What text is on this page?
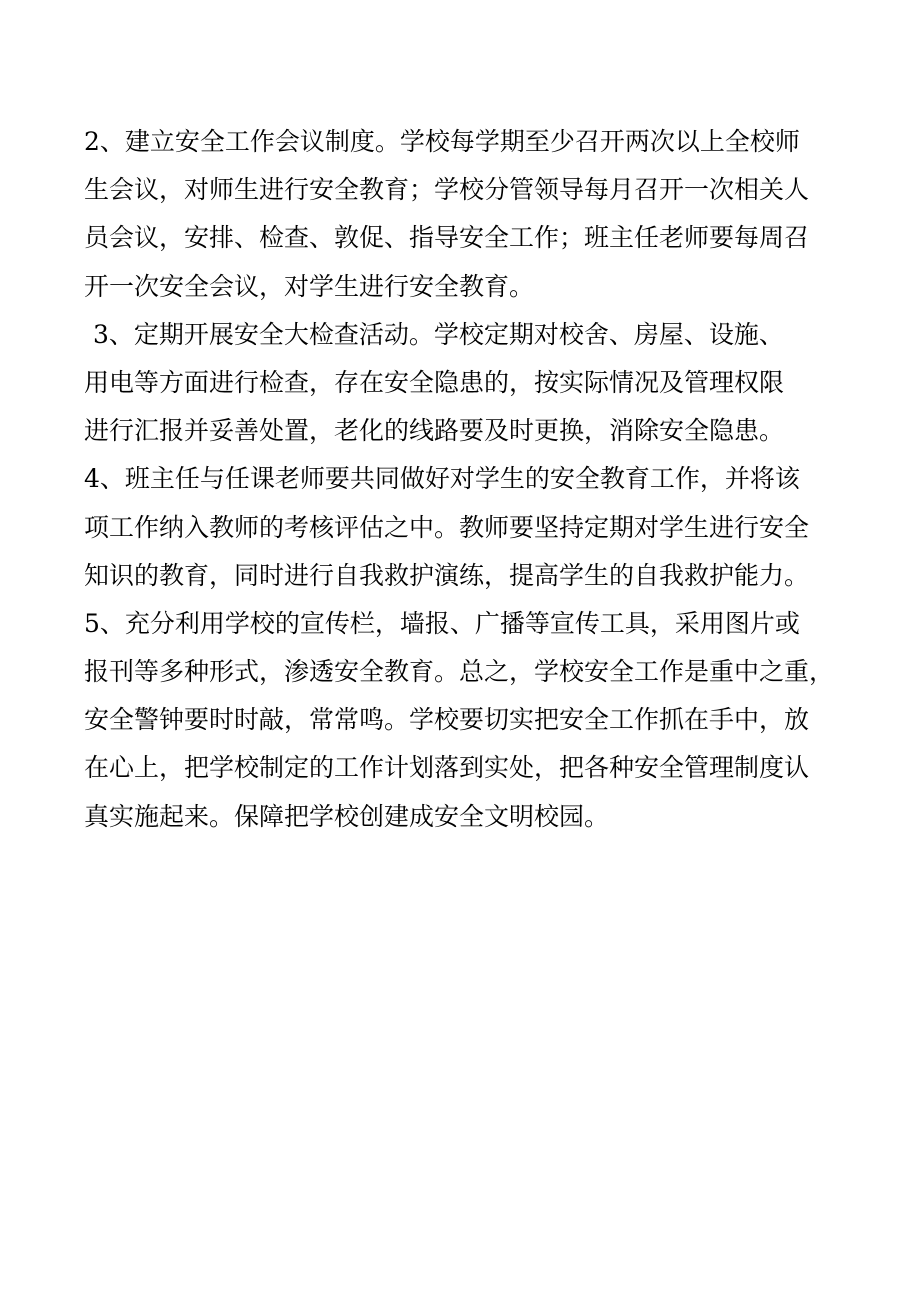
2、建立安全工作会议制度。学校每学期至少召开两次以上全校师
生会议，对师生进行安全教育；学校分管领导每月召开一次相关人
员会议，安排、检查、敦促、指导安全工作；班主任老师要每周召
开一次安全会议，对学生进行安全教育。
3、定期开展安全大检查活动。学校定期对校舍、房屋、设施、
用电等方面进行检查，存在安全隐患的，按实际情况及管理权限
进行汇报并妥善处置，老化的线路要及时更换，消除安全隐患。
4、班主任与任课老师要共同做好对学生的安全教育工作，并将该
项工作纳入教师的考核评估之中。教师要坚持定期对学生进行安全
知识的教育，同时进行自我救护演练，提高学生的自我救护能力。
5、充分利用学校的宣传栏，墙报、广播等宣传工具，采用图片或
报刊等多种形式，渗透安全教育。总之，学校安全工作是重中之重，
安全警钟要时时敲，常常鸣。学校要切实把安全工作抓在手中，放
在心上，把学校制定的工作计划落到实处，把各种安全管理制度认
真实施起来。保障把学校创建成安全文明校园。
